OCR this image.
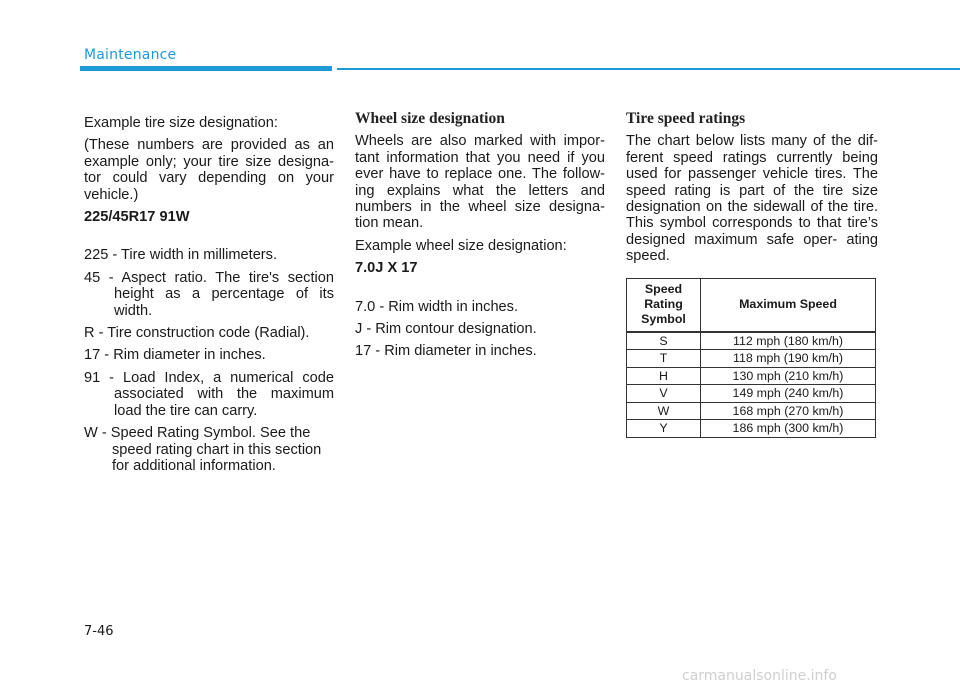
Maintenance

Example tire size designation:

(These numbers are provided as an example only; your tire size designa- tor could vary depending on your vehicle.)

225/45R17 91W

225 - Tire width in millimeters.

45 - Aspect ratio. The tire's section height as a percentage of its width.

R - Tire construction code (Radial).

17 - Rim diameter in inches.

91 - Load Index, a numerical code associated with the maximum load the tire can carry.

W - Speed Rating Symbol. See the speed rating chart in this section for additional information.

Wheel size designation

Wheels are also marked with impor- tant information that you need if you ever have to replace one. The follow- ing explains what the letters and numbers in the wheel size designa- tion mean.

Example wheel size designation:

7.0J X 17

7.0 - Rim width in inches.

J - Rim contour designation.

17 - Rim diameter in inches.

Tire speed ratings

The chart below lists many of the dif- ferent speed ratings currently being used for passenger vehicle tires. The speed rating is part of the tire size designation on the sidewall of the tire. This symbol corresponds to that tire’s designed maximum safe oper- ating speed.

Speed Rating Symbol	Maximum Speed
S	112 mph (180 km/h)
T	118 mph (190 km/h)
H	130 mph (210 km/h)
V	149 mph (240 km/h)
W	168 mph (270 km/h)
Y	186 mph (300 km/h)
7-46
carmanualsonline.info
